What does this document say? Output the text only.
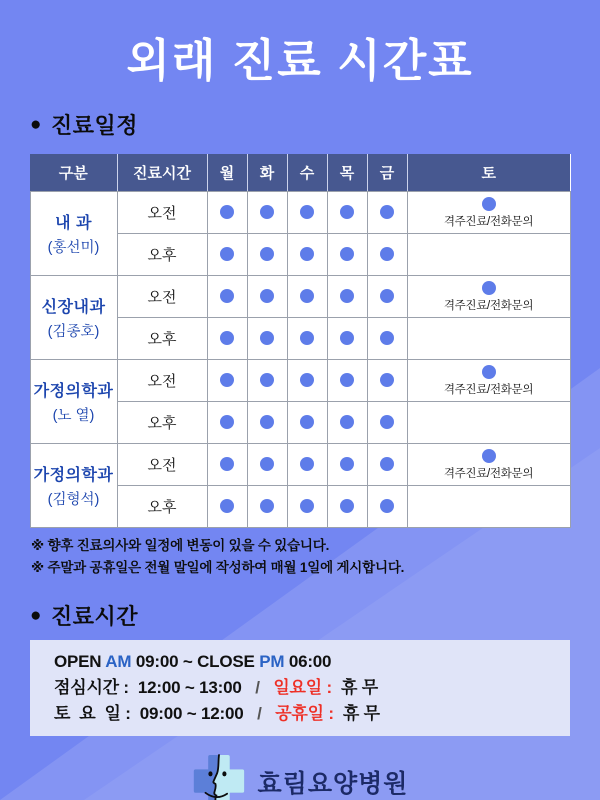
외래 진료 시간표
● 진료일정
구분	진료시간	월	화	수	목	금	토

내 과
(홍선미)	오전						격주진료/전화문의

	오후						

신장내과
(김종호)	오전						격주진료/전화문의

	오후						

가정의학과
(노 열)	오전						격주진료/전화문의

	오후						

가정의학과
(김형석)	오전						격주진료/전화문의

	오후						
※ 향후 진료의사와 일정에 변동이 있을 수 있습니다.
※ 주말과 공휴일은 전월 말일에 작성하여 매월 1일에 게시합니다.
● 진료시간
OPEN AM 09:00 ~ CLOSE PM 06:00
점심시간 :  12:00 ~ 13:00   /   일요일 :  휴 무
토  요  일 :  09:00 ~ 12:00   /   공휴일 :  휴 무
효림요양병원
